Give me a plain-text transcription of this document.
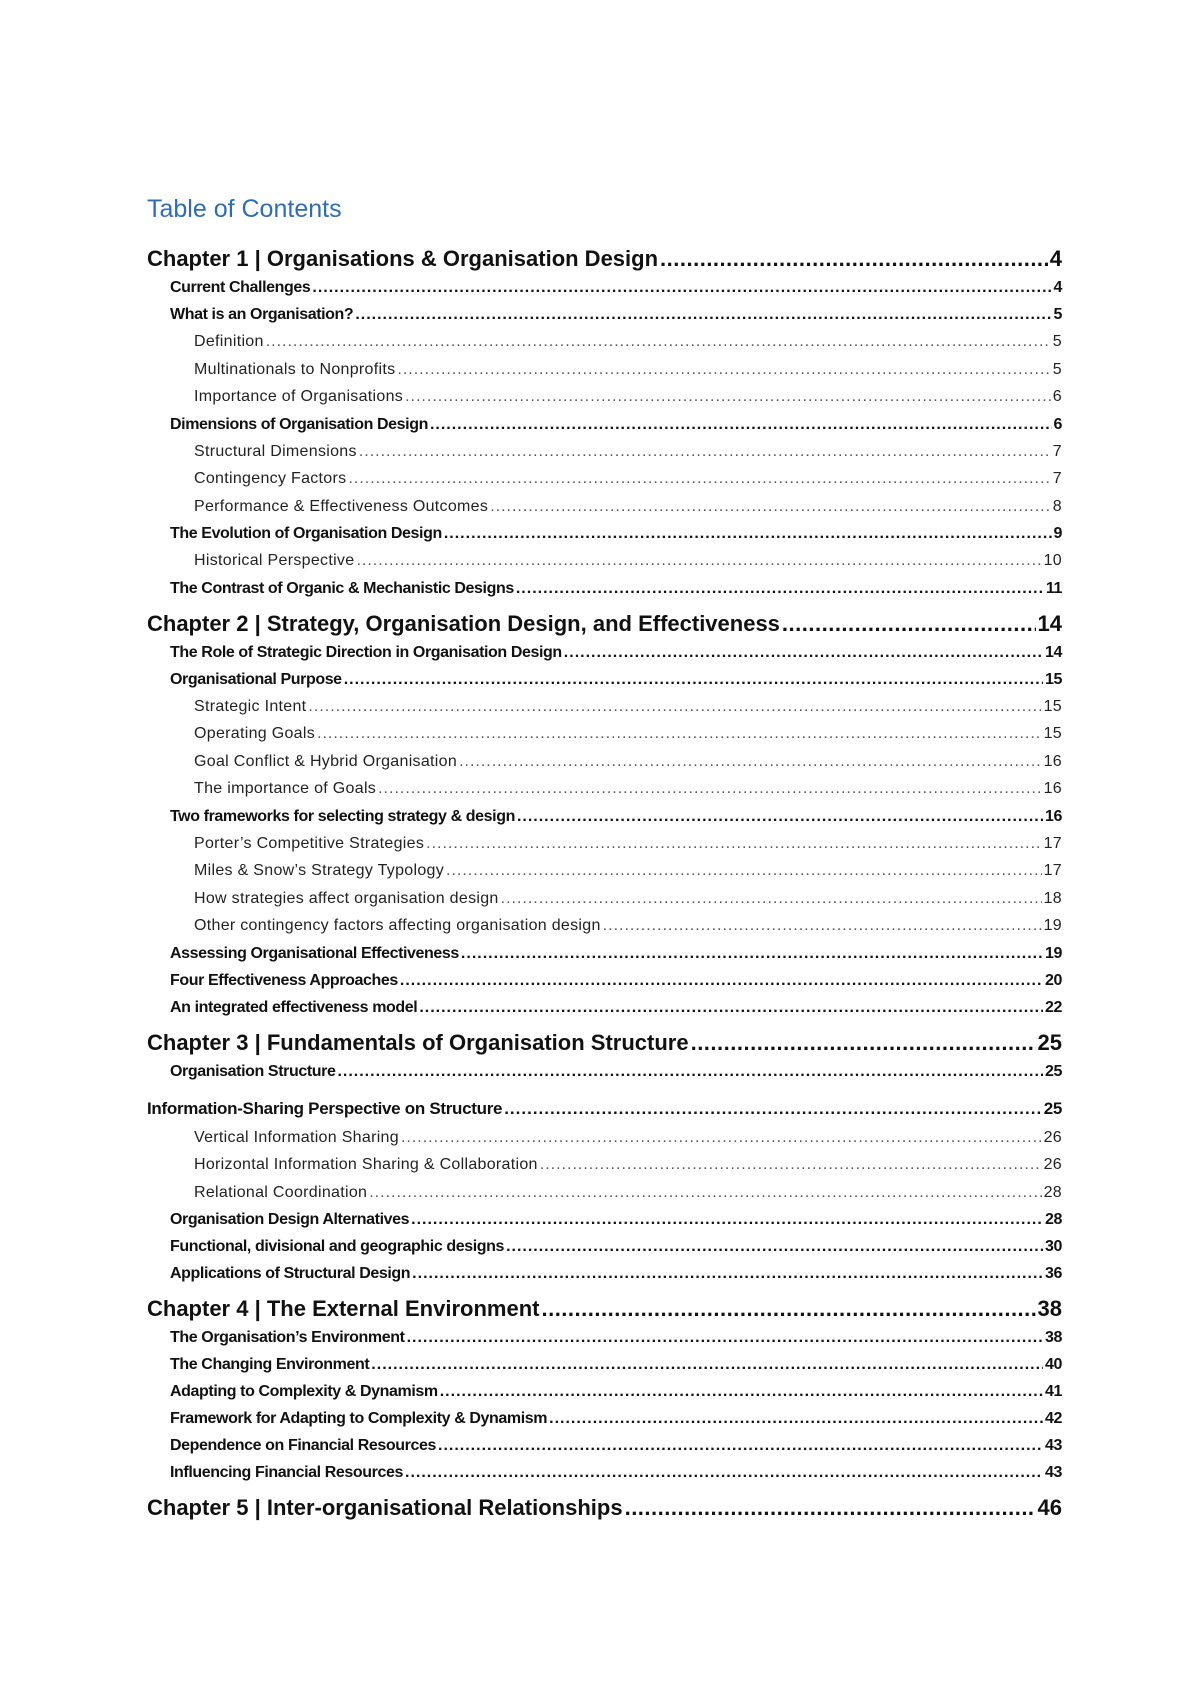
Table of Contents
Chapter 1 | Organisations & Organisation Design .....	4
Current Challenges .....	4
What is an Organisation? .....	5
Definition .....	5
Multinationals to Nonprofits .....	5
Importance of Organisations .....	6
Dimensions of Organisation Design .....	6
Structural Dimensions .....	7
Contingency Factors .....	7
Performance & Effectiveness Outcomes .....	8
The Evolution of Organisation Design .....	9
Historical Perspective .....	10
The Contrast of Organic & Mechanistic Designs .....	11
Chapter 2 | Strategy, Organisation Design, and Effectiveness .....	14
The Role of Strategic Direction in Organisation Design .....	14
Organisational Purpose .....	15
Strategic Intent .....	15
Operating Goals .....	15
Goal Conflict & Hybrid Organisation .....	16
The importance of Goals .....	16
Two frameworks for selecting strategy & design .....	16
Porter’s Competitive Strategies .....	17
Miles & Snow’s Strategy Typology .....	17
How strategies affect organisation design .....	18
Other contingency factors affecting organisation design .....	19
Assessing Organisational Effectiveness .....	19
Four Effectiveness Approaches .....	20
An integrated effectiveness model .....	22
Chapter 3 | Fundamentals of Organisation Structure .....	25
Organisation Structure .....	25
Information-Sharing Perspective on Structure .....	25
Vertical Information Sharing .....	26
Horizontal Information Sharing & Collaboration .....	26
Relational Coordination .....	28
Organisation Design Alternatives .....	28
Functional, divisional and geographic designs .....	30
Applications of Structural Design .....	36
Chapter 4 | The External Environment .....	38
The Organisation’s Environment .....	38
The Changing Environment .....	40
Adapting to Complexity & Dynamism .....	41
Framework for Adapting to Complexity & Dynamism .....	42
Dependence on Financial Resources .....	43
Influencing Financial Resources .....	43
Chapter 5 | Inter-organisational Relationships .....	46
